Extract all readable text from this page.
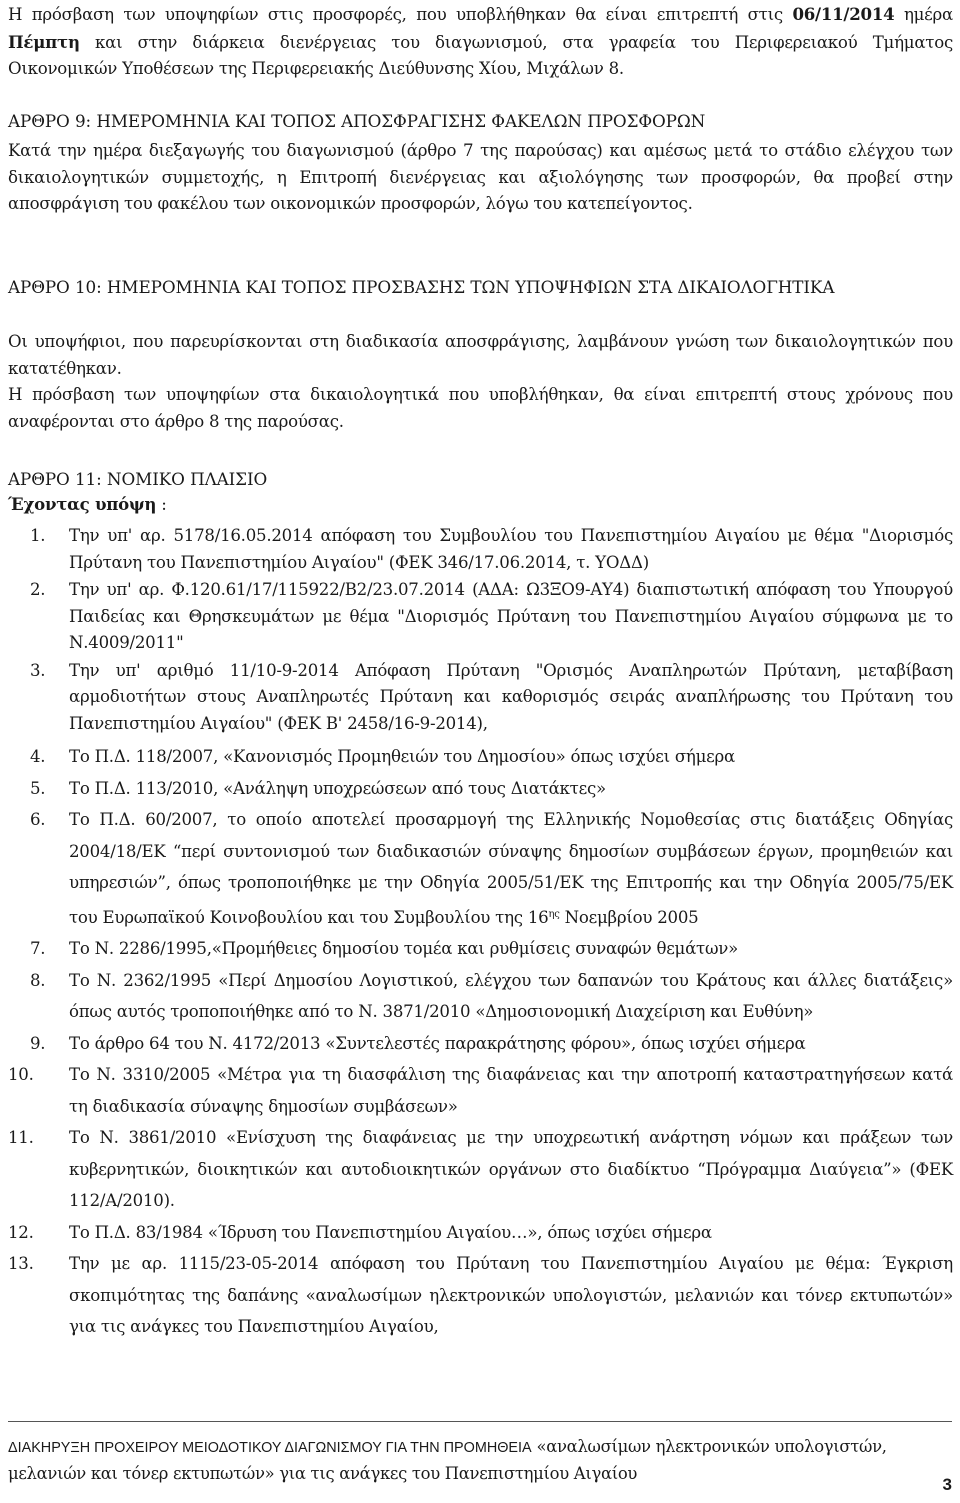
Η πρόσβαση των υποψηφίων στις προσφορές, που υποβλήθηκαν θα είναι επιτρεπτή στις 06/11/2014 ημέρα Πέμπτη και στην διάρκεια διενέργειας του διαγωνισμού, στα γραφεία του Περιφερειακού Τμήματος Οικονομικών Υποθέσεων της Περιφερειακής Διεύθυνσης Χίου, Μιχάλων 8.
ΑΡΘΡΟ 9: ΗΜΕΡΟΜΗΝΙΑ ΚΑΙ ΤΟΠΟΣ ΑΠΟΣΦΡΑΓΙΣΗΣ ΦΑΚΕΛΩΝ ΠΡΟΣΦΟΡΩΝ
Κατά την ημέρα διεξαγωγής του διαγωνισμού (άρθρο 7 της παρούσας) και αμέσως μετά το στάδιο ελέγχου των δικαιολογητικών συμμετοχής, η Επιτροπή διενέργειας και αξιολόγησης των προσφορών, θα προβεί στην αποσφράγιση του φακέλου των οικονομικών προσφορών, λόγω του κατεπείγοντος.
ΑΡΘΡΟ 10: ΗΜΕΡΟΜΗΝΙΑ ΚΑΙ ΤΟΠΟΣ ΠΡΟΣΒΑΣΗΣ ΤΩΝ ΥΠΟΨΗΦΙΩΝ ΣΤΑ ΔΙΚΑΙΟΛΟΓΗΤΙΚΑ
Οι υποψήφιοι, που παρευρίσκονται στη διαδικασία αποσφράγισης, λαμβάνουν γνώση των δικαιολογητικών που κατατέθηκαν.
Η πρόσβαση των υποψηφίων στα δικαιολογητικά που υποβλήθηκαν, θα είναι επιτρεπτή στους χρόνους που αναφέρονται στο άρθρο 8 της παρούσας.
ΑΡΘΡΟ 11: ΝΟΜΙΚΟ ΠΛΑΙΣΙΟ
Έχοντας υπόψη :
1. Την υπ' αρ. 5178/16.05.2014 απόφαση του Συμβουλίου του Πανεπιστημίου Αιγαίου με θέμα "Διορισμός Πρύτανη του Πανεπιστημίου Αιγαίου" (ΦΕΚ 346/17.06.2014, τ. ΥΟΔΔ)
2. Την υπ' αρ. Φ.120.61/17/115922/Β2/23.07.2014 (ΑΔΑ: Ω3ΞΟ9-ΑΥ4) διαπιστωτική απόφαση του Υπουργού Παιδείας και Θρησκευμάτων με θέμα "Διορισμός Πρύτανη του Πανεπιστημίου Αιγαίου σύμφωνα με το Ν.4009/2011"
3. Την υπ' αριθμό 11/10-9-2014 Απόφαση Πρύτανη "Ορισμός Αναπληρωτών Πρύτανη, μεταβίβαση αρμοδιοτήτων στους Αναπληρωτές Πρύτανη και καθορισμός σειράς αναπλήρωσης του Πρύτανη του Πανεπιστημίου Αιγαίου" (ΦΕΚ Β' 2458/16-9-2014),
4. Το Π.Δ. 118/2007, «Κανονισμός Προμηθειών του Δημοσίου» όπως ισχύει σήμερα
5. Το Π.Δ. 113/2010, «Ανάληψη υποχρεώσεων από τους Διατάκτες»
6. Το Π.Δ. 60/2007, το οποίο αποτελεί προσαρμογή της Ελληνικής Νομοθεσίας στις διατάξεις Οδηγίας 2004/18/ΕΚ “περί συντονισμού των διαδικασιών σύναψης δημοσίων συμβάσεων έργων, προμηθειών και υπηρεσιών”, όπως τροποποιήθηκε με την Οδηγία 2005/51/ΕΚ της Επιτροπής και την Οδηγία 2005/75/ΕΚ του Ευρωπαϊκού Κοινοβουλίου και του Συμβουλίου της $16^{\eta\varsigma}$ Νοεμβρίου 2005
7. Το Ν. 2286/1995,«Προμήθειες δημοσίου τομέα και ρυθμίσεις συναφών θεμάτων»
8. Το Ν. 2362/1995 «Περί Δημοσίου Λογιστικού, ελέγχου των δαπανών του Κράτους και άλλες διατάξεις» όπως αυτός τροποποιήθηκε από το Ν. 3871/2010 «Δημοσιονομική Διαχείριση και Ευθύνη»
9. Το άρθρο 64 του Ν. 4172/2013 «Συντελεστές παρακράτησης φόρου», όπως ισχύει σήμερα
10. Το Ν. 3310/2005 «Μέτρα για τη διασφάλιση της διαφάνειας και την αποτροπή καταστρατηγήσεων κατά τη διαδικασία σύναψης δημοσίων συμβάσεων»
11. Το Ν. 3861/2010 «Ενίσχυση της διαφάνειας με την υποχρεωτική ανάρτηση νόμων και πράξεων των κυβερνητικών, διοικητικών και αυτοδιοικητικών οργάνων στο διαδίκτυο “Πρόγραμμα Διαύγεια”» (ΦΕΚ 112/Α/2010).
12. Το Π.Δ. 83/1984 «Ίδρυση του Πανεπιστημίου Αιγαίου…», όπως ισχύει σήμερα
13. Την με αρ. 1115/23-05-2014 απόφαση του Πρύτανη του Πανεπιστημίου Αιγαίου με θέμα: Έγκριση σκοπιμότητας της δαπάνης «αναλωσίμων ηλεκτρονικών υπολογιστών, μελανιών και τόνερ εκτυπωτών» για τις ανάγκες του Πανεπιστημίου Αιγαίου,
ΔΙΑΚΗΡΥΞΗ ΠΡΟΧΕΙΡΟΥ ΜΕΙΟΔΟΤΙΚΟΥ ΔΙΑΓΩΝΙΣΜΟΥ ΓΙΑ ΤΗΝ ΠΡΟΜΗΘΕΙΑ «αναλωσίμων ηλεκτρονικών υπολογιστών, μελανιών και τόνερ εκτυπωτών» για τις ανάγκες του Πανεπιστημίου Αιγαίου
3
